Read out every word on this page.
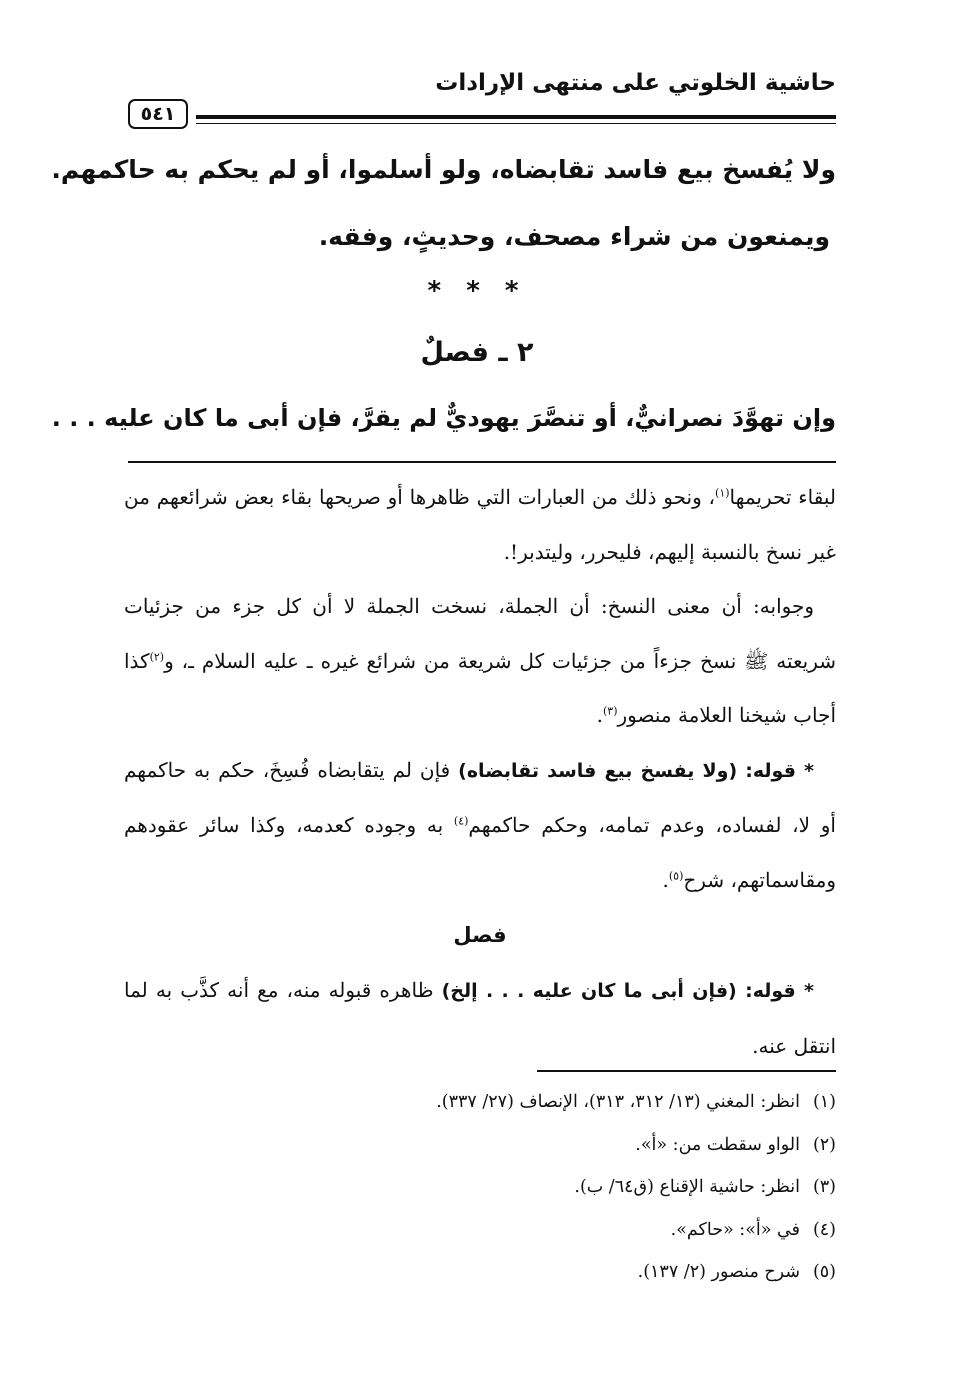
حاشية الخلوتي على منتهى الإرادات
٥٤١
ولا يُفسخ بيع فاسد تقابضاه، ولو أسلموا، أو لم يحكم به حاكمهم.
ويمنعون من شراء مصحف، وحديثٍ، وفقه.
* * *
٢ ـ فصلٌ
وإن تهوَّدَ نصرانيٌّ، أو تنصَّرَ يهوديٌّ لم يقرَّ، فإن أبى ما كان عليه . . .

لبقاء تحريمها$^{(١)}$، ونحو ذلك من العبارات التي ظاهرها أو صريحها بقاء بعض شرائعهم من غير نسخ بالنسبة إليهم، فليحرر، وليتدبر!.

وجوابه: أن معنى النسخ: أن الجملة، نسخت الجملة لا أن كل جزء من جزئيات شريعته ﷺ نسخ جزءاً من جزئيات كل شريعة من شرائع غيره ـ عليه السلام ـ، و$^{(٢)}$كذا أجاب شيخنا العلامة منصور$^{(٣)}$.

* قوله: (ولا يفسخ بيع فاسد تقابضاه) فإن لم يتقابضاه فُسِخَ، حكم به حاكمهم أو لا، لفساده، وعدم تمامه، وحكم حاكمهم$^{(٤)}$ به وجوده كعدمه، وكذا سائر عقودهم ومقاسماتهم، شرح$^{(٥)}$.

فصل

* قوله: (فإن أبى ما كان عليه . . . إلخ) ظاهره قبوله منه، مع أنه كذَّب به لما انتقل عنه.

(١)انظر: المغني (١٣/ ٣١٢، ٣١٣)، الإنصاف (٢٧/ ٣٣٧).
(٢)الواو سقطت من: «أ».
(٣)انظر: حاشية الإقناع (ق٦٤/ ب).
(٤)في «أ»: «حاكم».
(٥)شرح منصور (٢/ ١٣٧).
